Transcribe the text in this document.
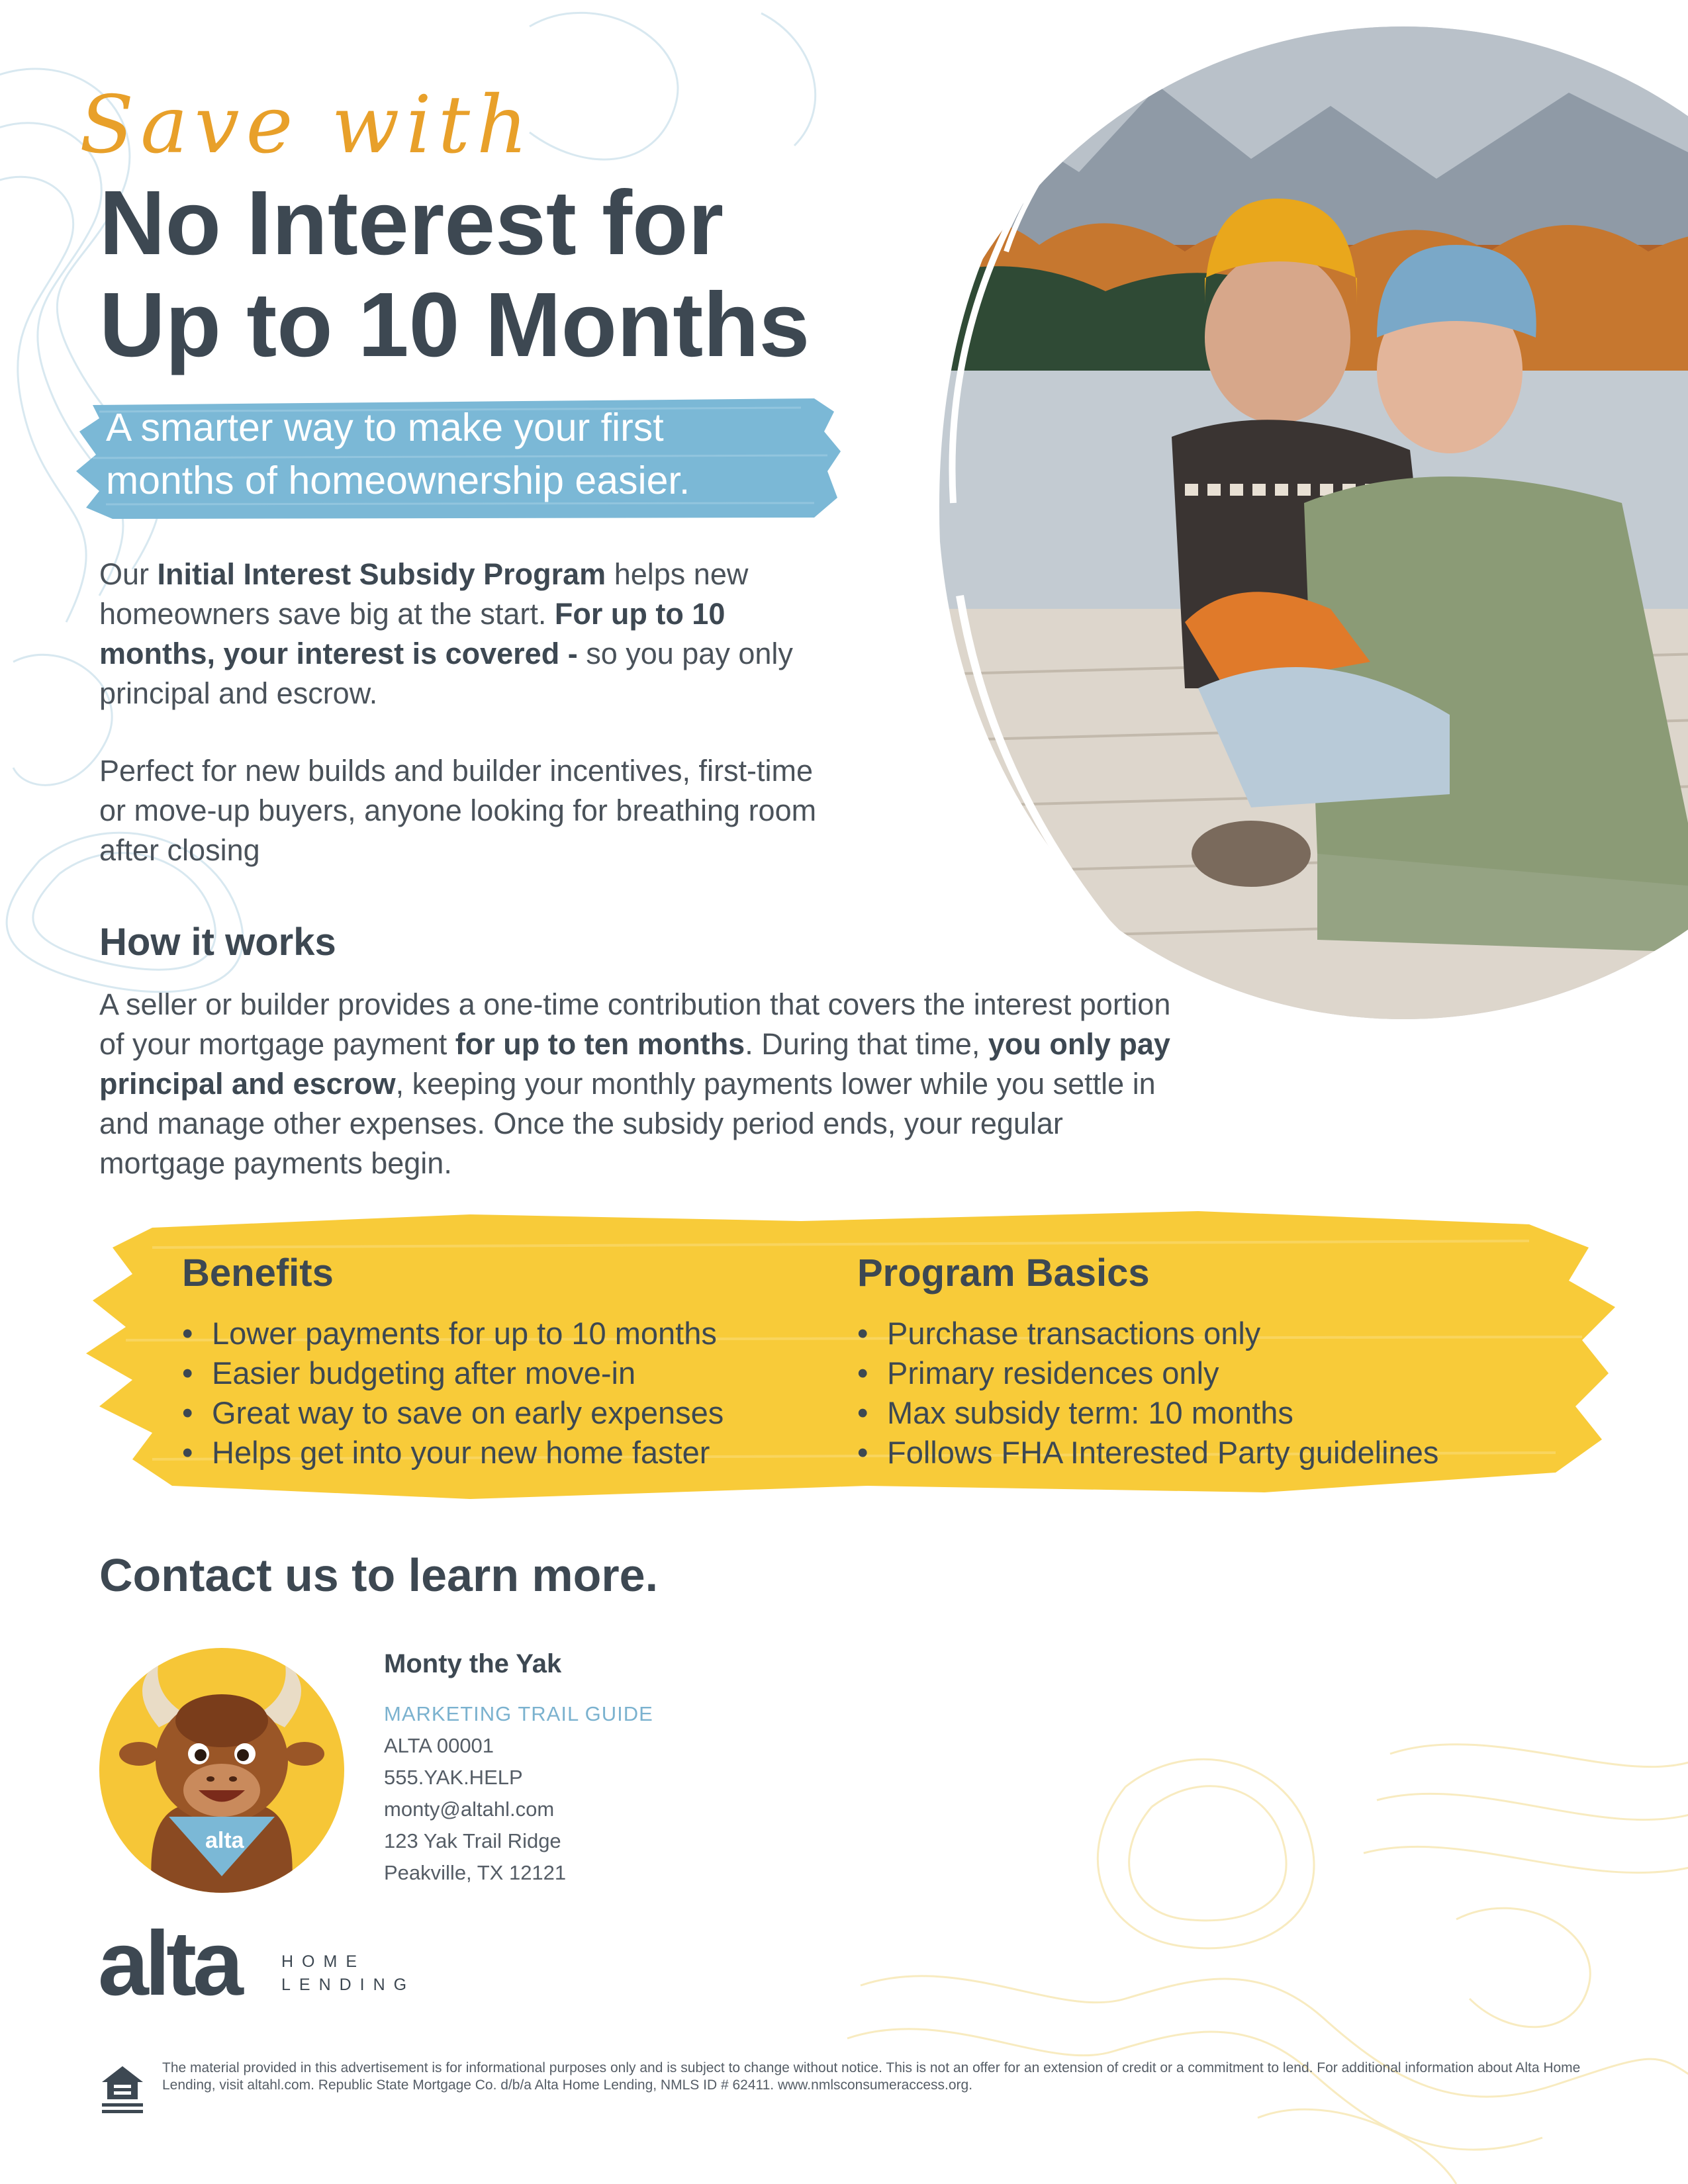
Save with
No Interest for
Up to 10 Months
A smarter way to make your first
months of homeownership easier.
Our Initial Interest Subsidy Program helps new homeowners save big at the start. For up to 10 months, your interest is covered - so you pay only principal and escrow.
Perfect for new builds and builder incentives, first-time or move-up buyers, anyone looking for breathing room after closing
How it works
A seller or builder provides a one-time contribution that covers the interest portion of your mortgage payment for up to ten months. During that time, you only pay principal and escrow, keeping your monthly payments lower while you settle in and manage other expenses. Once the subsidy period ends, your regular mortgage payments begin.
Benefits
• Lower payments for up to 10 months
• Easier budgeting after move-in
• Great way to save on early expenses
• Helps get into your new home faster
Program Basics
• Purchase transactions only
• Primary residences only
• Max subsidy term: 10 months
• Follows FHA Interested Party guidelines
Contact us to learn more.
alta
Monty the Yak
MARKETING TRAIL GUIDE
ALTA 00001
555.YAK.HELP
monty@altahl.com
123 Yak Trail Ridge
Peakville, TX 12121
alta	HOME
LENDING
The material provided in this advertisement is for informational purposes only and is subject to change without notice. This is not an offer for an extension of credit or a commitment to lend. For additional information about Alta Home Lending, visit altahl.com. Republic State Mortgage Co. d/b/a Alta Home Lending, NMLS ID # 62411. www.nmlsconsumeraccess.org.
